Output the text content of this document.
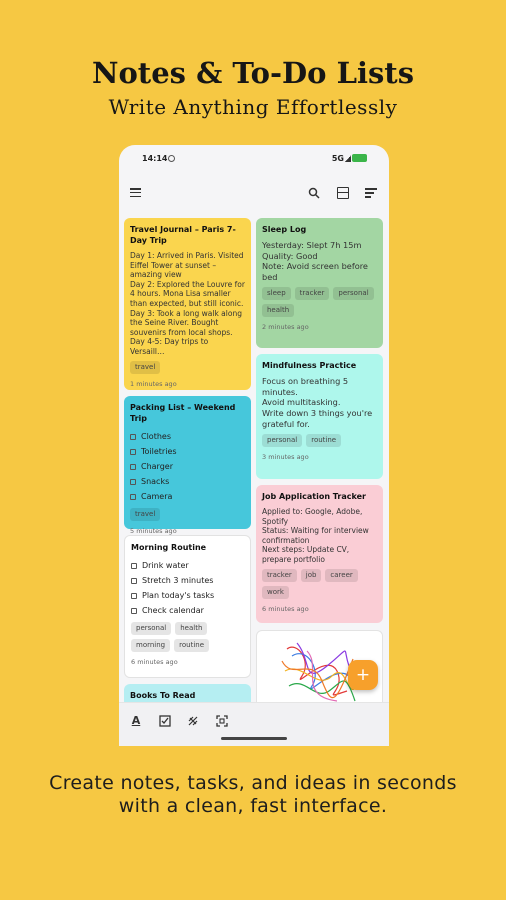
Notes & To-Do Lists
Write Anything Effortlessly
14:14	5G
Travel Journal – Paris 7-Day Trip
Day 1: Arrived in Paris. Visited Eiffel Tower at sunset – amazing view
Day 2: Explored the Louvre for 4 hours. Mona Lisa smaller than expected, but still iconic.
Day 3: Took a long walk along the Seine River. Bought souvenirs from local shops.
Day 4-5: Day trips to Versaill…
travel
1 minutes ago
Packing List – Weekend Trip
Clothes
Toiletries
Charger
Snacks
Camera
travel
5 minutes ago
Morning Routine
Drink water
Stretch 3 minutes
Plan today's tasks
Check calendar
personal	health
morning	routine
6 minutes ago
Books To Read
Sleep Log
Yesterday: Slept 7h 15m
Quality: Good
Note: Avoid screen before bed
sleep	tracker	personal
health
2 minutes ago
Mindfulness Practice
Focus on breathing 5 minutes.
Avoid multitasking.
Write down 3 things you're grateful for.
personal	routine
3 minutes ago
Job Application Tracker
Applied to: Google, Adobe, Spotify
Status: Waiting for interview confirmation
Next steps: Update CV, prepare portfolio
tracker	job	career
work
6 minutes ago
+
A
Create notes, tasks, and ideas in seconds with a clean, fast interface.
